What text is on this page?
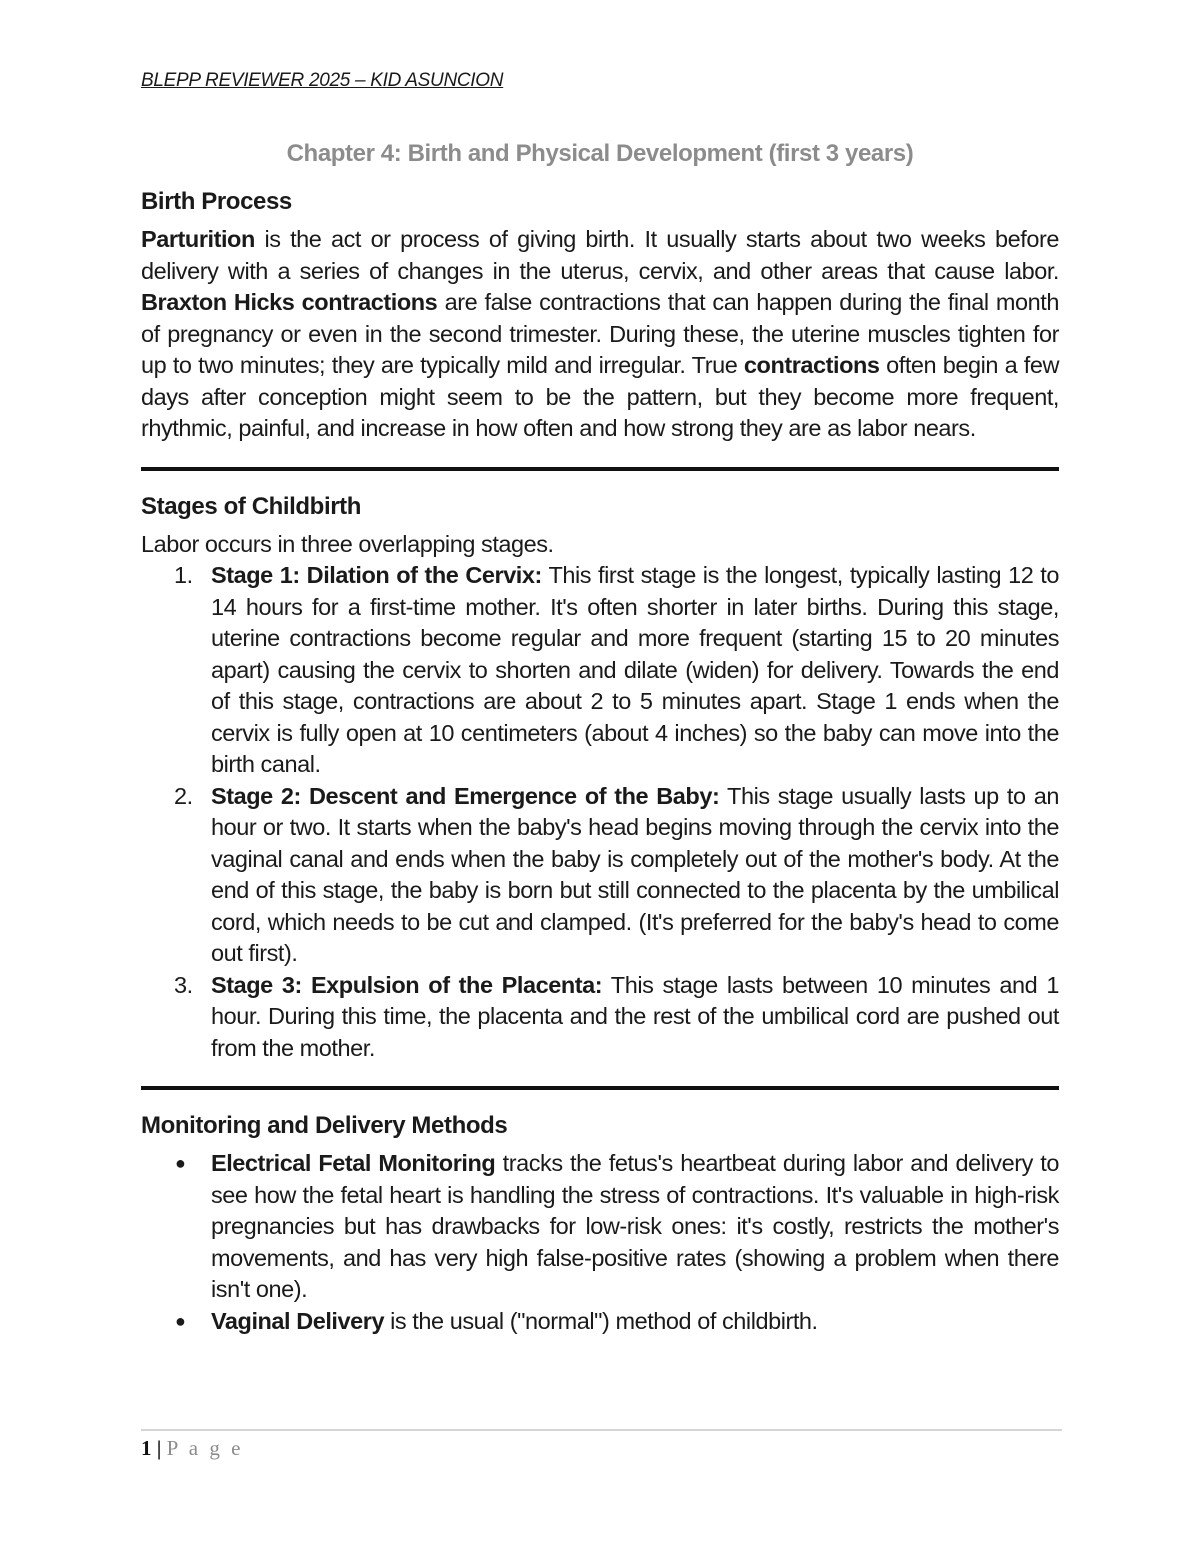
BLEPP REVIEWER 2025 – KID ASUNCION
Chapter 4: Birth and Physical Development (first 3 years)
Birth Process

Parturition is the act or process of giving birth. It usually starts about two weeks before delivery with a series of changes in the uterus, cervix, and other areas that cause labor. Braxton Hicks contractions are false contractions that can happen during the final month of pregnancy or even in the second trimester. During these, the uterine muscles tighten for up to two minutes; they are typically mild and irregular. True contractions often begin a few days after conception might seem to be the pattern, but they become more frequent, rhythmic, painful, and increase in how often and how strong they are as labor nears.

Stages of Childbirth

Labor occurs in three overlapping stages.

1. Stage 1: Dilation of the Cervix: This first stage is the longest, typically lasting 12 to 14 hours for a first-time mother. It's often shorter in later births. During this stage, uterine contractions become regular and more frequent (starting 15 to 20 minutes apart) causing the cervix to shorten and dilate (widen) for delivery. Towards the end of this stage, contractions are about 2 to 5 minutes apart. Stage 1 ends when the cervix is fully open at 10 centimeters (about 4 inches) so the baby can move into the birth canal.
2. Stage 2: Descent and Emergence of the Baby: This stage usually lasts up to an hour or two. It starts when the baby's head begins moving through the cervix into the vaginal canal and ends when the baby is completely out of the mother's body. At the end of this stage, the baby is born but still connected to the placenta by the umbilical cord, which needs to be cut and clamped. (It's preferred for the baby's head to come out first).
3. Stage 3: Expulsion of the Placenta: This stage lasts between 10 minutes and 1 hour. During this time, the placenta and the rest of the umbilical cord are pushed out from the mother.
Monitoring and Delivery Methods
● Electrical Fetal Monitoring tracks the fetus's heartbeat during labor and delivery to see how the fetal heart is handling the stress of contractions. It's valuable in high-risk pregnancies but has drawbacks for low-risk ones: it's costly, restricts the mother's movements, and has very high false-positive rates (showing a problem when there isn't one).
● Vaginal Delivery is the usual ("normal") method of childbirth.
1 | P a g e
